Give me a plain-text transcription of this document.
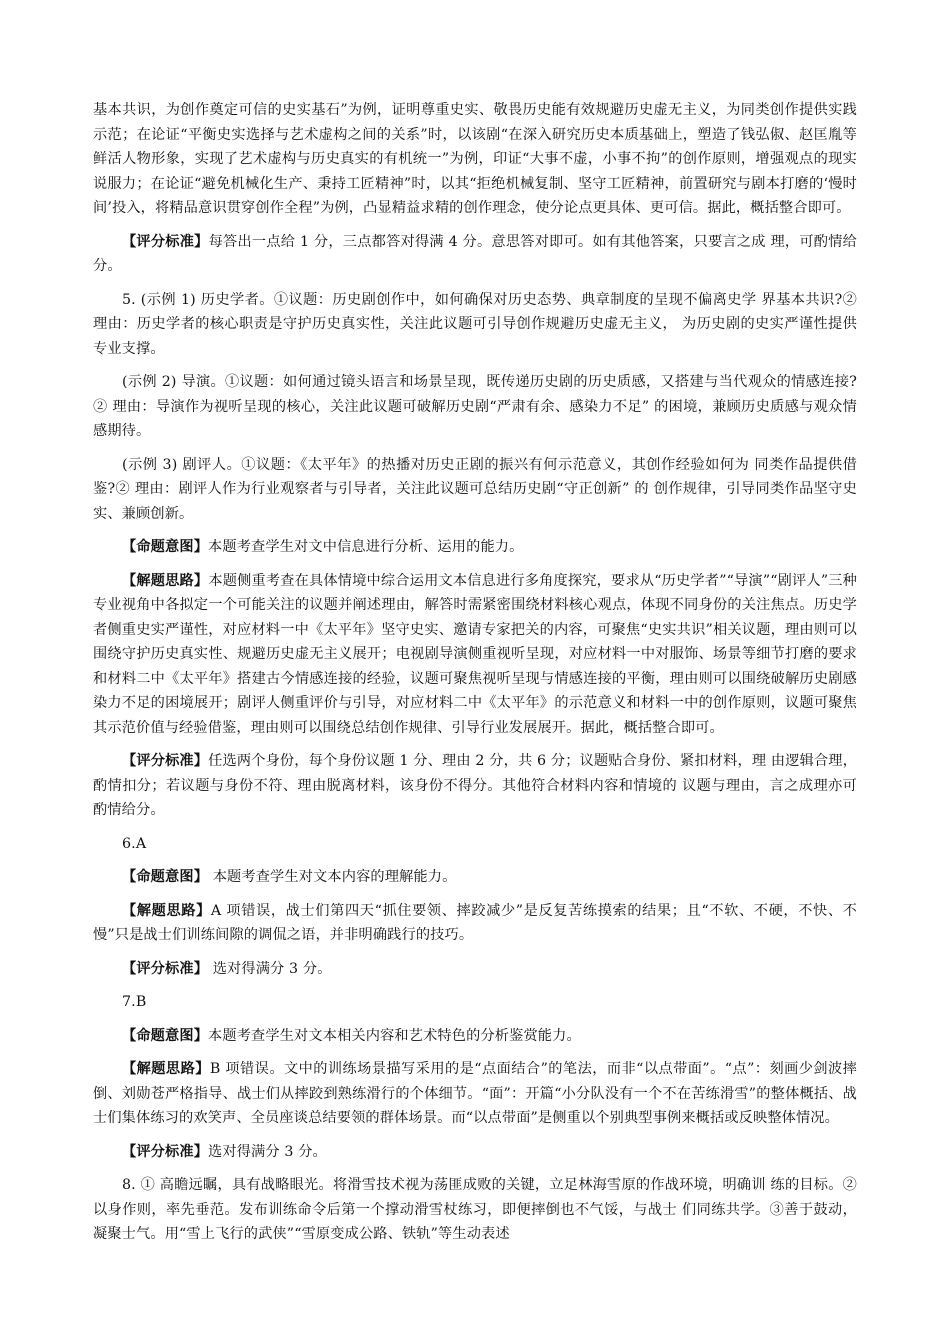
基本共识，为创作奠定可信的史实基石”为例，证明尊重史实、敬畏历史能有效规避历史虚无主义，为同类创作提供实践示范；在论证“平衡史实选择与艺术虚构之间的关系”时，以该剧“在深入研究历史本质基础上，塑造了钱弘俶、赵匡胤等鲜活人物形象，实现了艺术虚构与历史真实的有机统一”为例，印证“大事不虚，小事不拘”的创作原则，增强观点的现实说服力；在论证“避免机械化生产、秉持工匠精神”时，以其“拒绝机械复制、坚守工匠精神，前置研究与剧本打磨的‘慢时间’投入，将精品意识贯穿创作全程”为例，凸显精益求精的创作理念，使分论点更具体、更可信。据此，概括整合即可。

【评分标准】每答出一点给 1 分，三点都答对得满 4 分。意思答对即可。如有其他答案，只要言之成 理，可酌情给分。

5. (示例 1) 历史学者。①议题：历史剧创作中，如何确保对历史态势、典章制度的呈现不偏离史学 界基本共识?② 理由：历史学者的核心职责是守护历史真实性，关注此议题可引导创作规避历史虚无主义， 为历史剧的史实严谨性提供专业支撑。

(示例 2) 导演。①议题：如何通过镜头语言和场景呈现，既传递历史剧的历史质感，又搭建与当代观众的情感连接?② 理由：导演作为视听呈现的核心，关注此议题可破解历史剧“严肃有余、感染力不足” 的困境，兼顾历史质感与观众情感期待。

(示例 3) 剧评人。①议题：《太平年》的热播对历史正剧的振兴有何示范意义，其创作经验如何为 同类作品提供借鉴?② 理由：剧评人作为行业观察者与引导者，关注此议题可总结历史剧“守正创新” 的 创作规律，引导同类作品坚守史实、兼顾创新。

【命题意图】本题考查学生对文中信息进行分析、运用的能力。

【解题思路】本题侧重考查在具体情境中综合运用文本信息进行多角度探究，要求从“历史学者”“导演”“剧评人”三种专业视角中各拟定一个可能关注的议题并阐述理由，解答时需紧密围绕材料核心观点，体现不同身份的关注焦点。历史学者侧重史实严谨性，对应材料一中《太平年》坚守史实、邀请专家把关的内容，可聚焦“史实共识”相关议题，理由则可以围绕守护历史真实性、规避历史虚无主义展开；电视剧导演侧重视听呈现，对应材料一中对服饰、场景等细节打磨的要求和材料二中《太平年》搭建古今情感连接的经验，议题可聚焦视听呈现与情感连接的平衡，理由则可以围绕破解历史剧感染力不足的困境展开；剧评人侧重评价与引导，对应材料二中《太平年》的示范意义和材料一中的创作原则，议题可聚焦其示范价值与经验借鉴，理由则可以围绕总结创作规律、引导行业发展展开。据此，概括整合即可。

【评分标准】任选两个身份，每个身份议题 1 分、理由 2 分，共 6 分；议题贴合身份、紧扣材料，理 由逻辑合理，酌情扣分；若议题与身份不符、理由脱离材料，该身份不得分。其他符合材料内容和情境的 议题与理由，言之成理亦可酌情给分。

6.A

【命题意图】 本题考查学生对文本内容的理解能力。

【解题思路】A 项错误，战士们第四天“抓住要领、摔跤减少”是反复苦练摸索的结果；且“不软、不硬，不快、不慢”只是战士们训练间隙的调侃之语，并非明确践行的技巧。

【评分标准】 选对得满分 3 分。

7.B

【命题意图】本题考查学生对文本相关内容和艺术特色的分析鉴赏能力。

【解题思路】B 项错误。文中的训练场景描写采用的是“点面结合”的笔法，而非“以点带面”。“点”：刻画少剑波摔倒、刘勋苍严格指导、战士们从摔跤到熟练滑行的个体细节。“面”：开篇“小分队没有一个不在苦练滑雪”的整体概括、战士们集体练习的欢笑声、全员座谈总结要领的群体场景。而“以点带面”是侧重以个别典型事例来概括或反映整体情况。

【评分标准】选对得满分 3 分。

8. ① 高瞻远瞩，具有战略眼光。将滑雪技术视为荡匪成败的关键，立足林海雪原的作战环境，明确训 练的目标。②以身作则，率先垂范。发布训练命令后第一个撑动滑雪杖练习，即便摔倒也不气馁，与战士 们同练共学。③善于鼓动，凝聚士气。用“雪上飞行的武侠”“雪原变成公路、铁轨”等生动表述
